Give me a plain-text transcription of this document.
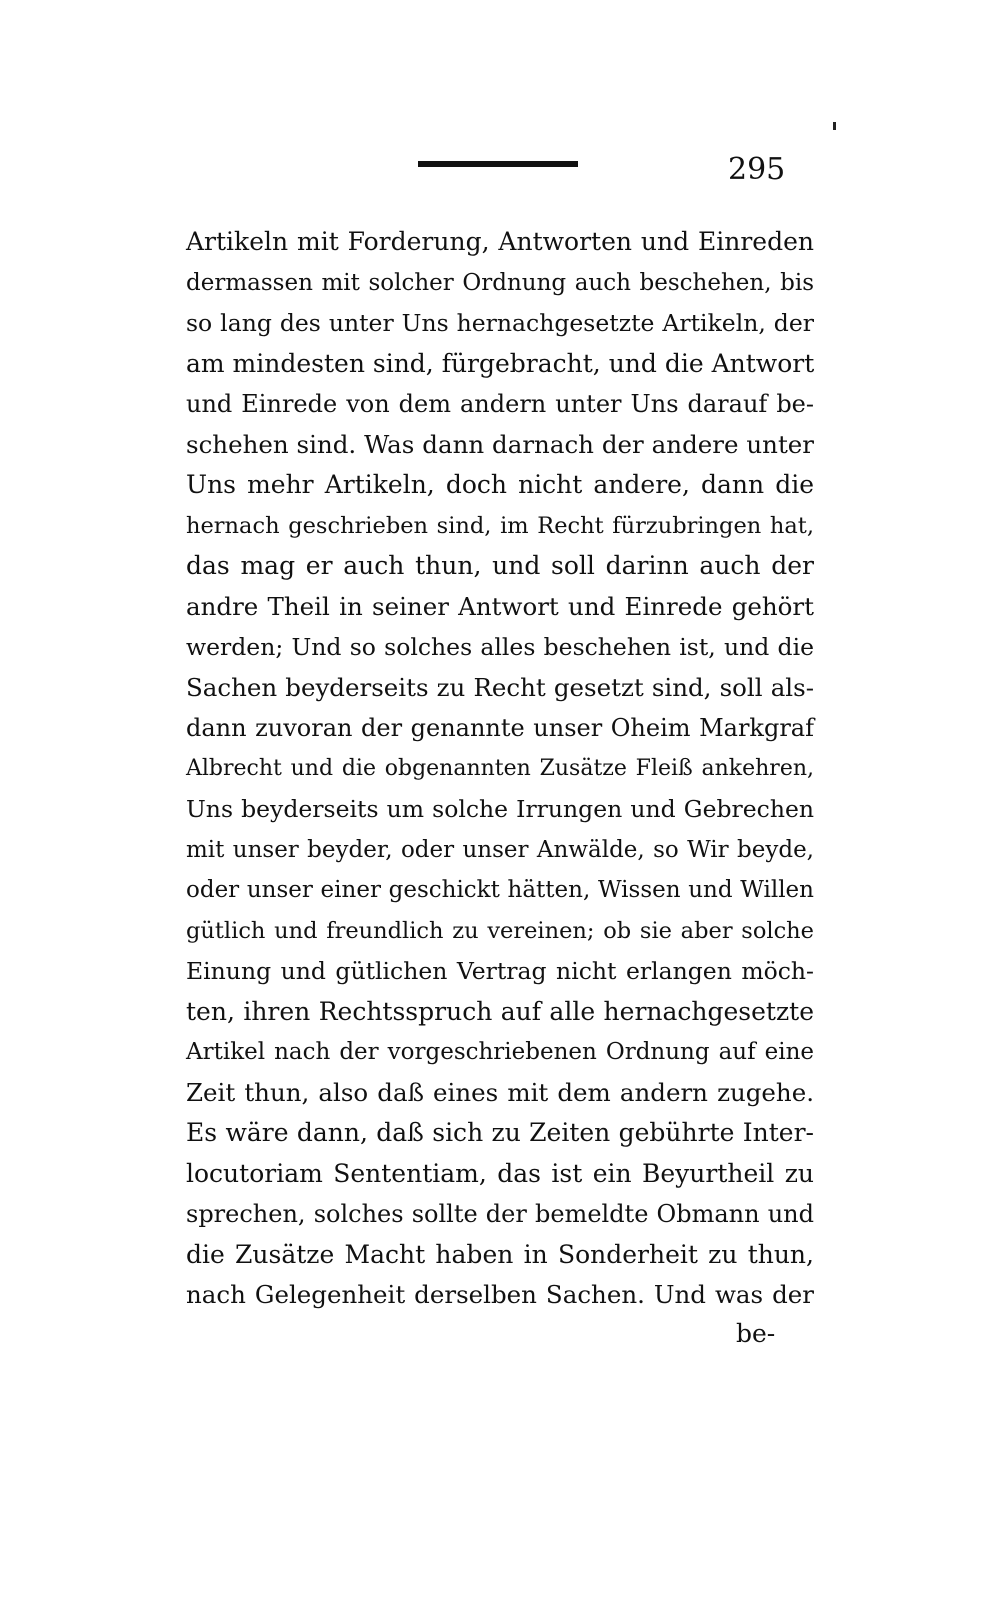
295
Artikeln mit Forderung, Antworten und Einreden
dermassen mit solcher Ordnung auch beschehen, bis
so lang des unter Uns hernachgesetzte Artikeln, der
am mindesten sind, fürgebracht, und die Antwort
und Einrede von dem andern unter Uns darauf be-
schehen sind. Was dann darnach der andere unter
Uns mehr Artikeln, doch nicht andere, dann die
hernach geschrieben sind, im Recht fürzubringen hat,
das mag er auch thun, und soll darinn auch der
andre Theil in seiner Antwort und Einrede gehört
werden; Und so solches alles beschehen ist, und die
Sachen beyderseits zu Recht gesetzt sind, soll als-
dann zuvoran der genannte unser Oheim Markgraf
Albrecht und die obgenannten Zusätze Fleiß ankehren,
Uns beyderseits um solche Irrungen und Gebrechen
mit unser beyder, oder unser Anwälde, so Wir beyde,
oder unser einer geschickt hätten, Wissen und Willen
gütlich und freundlich zu vereinen; ob sie aber solche
Einung und gütlichen Vertrag nicht erlangen möch-
ten, ihren Rechtsspruch auf alle hernachgesetzte
Artikel nach der vorgeschriebenen Ordnung auf eine
Zeit thun, also daß eines mit dem andern zugehe.
Es wäre dann, daß sich zu Zeiten gebührte Inter-
locutoriam Sententiam, das ist ein Beyurtheil zu
sprechen, solches sollte der bemeldte Obmann und
die Zusätze Macht haben in Sonderheit zu thun,
nach Gelegenheit derselben Sachen. Und was der
be-
